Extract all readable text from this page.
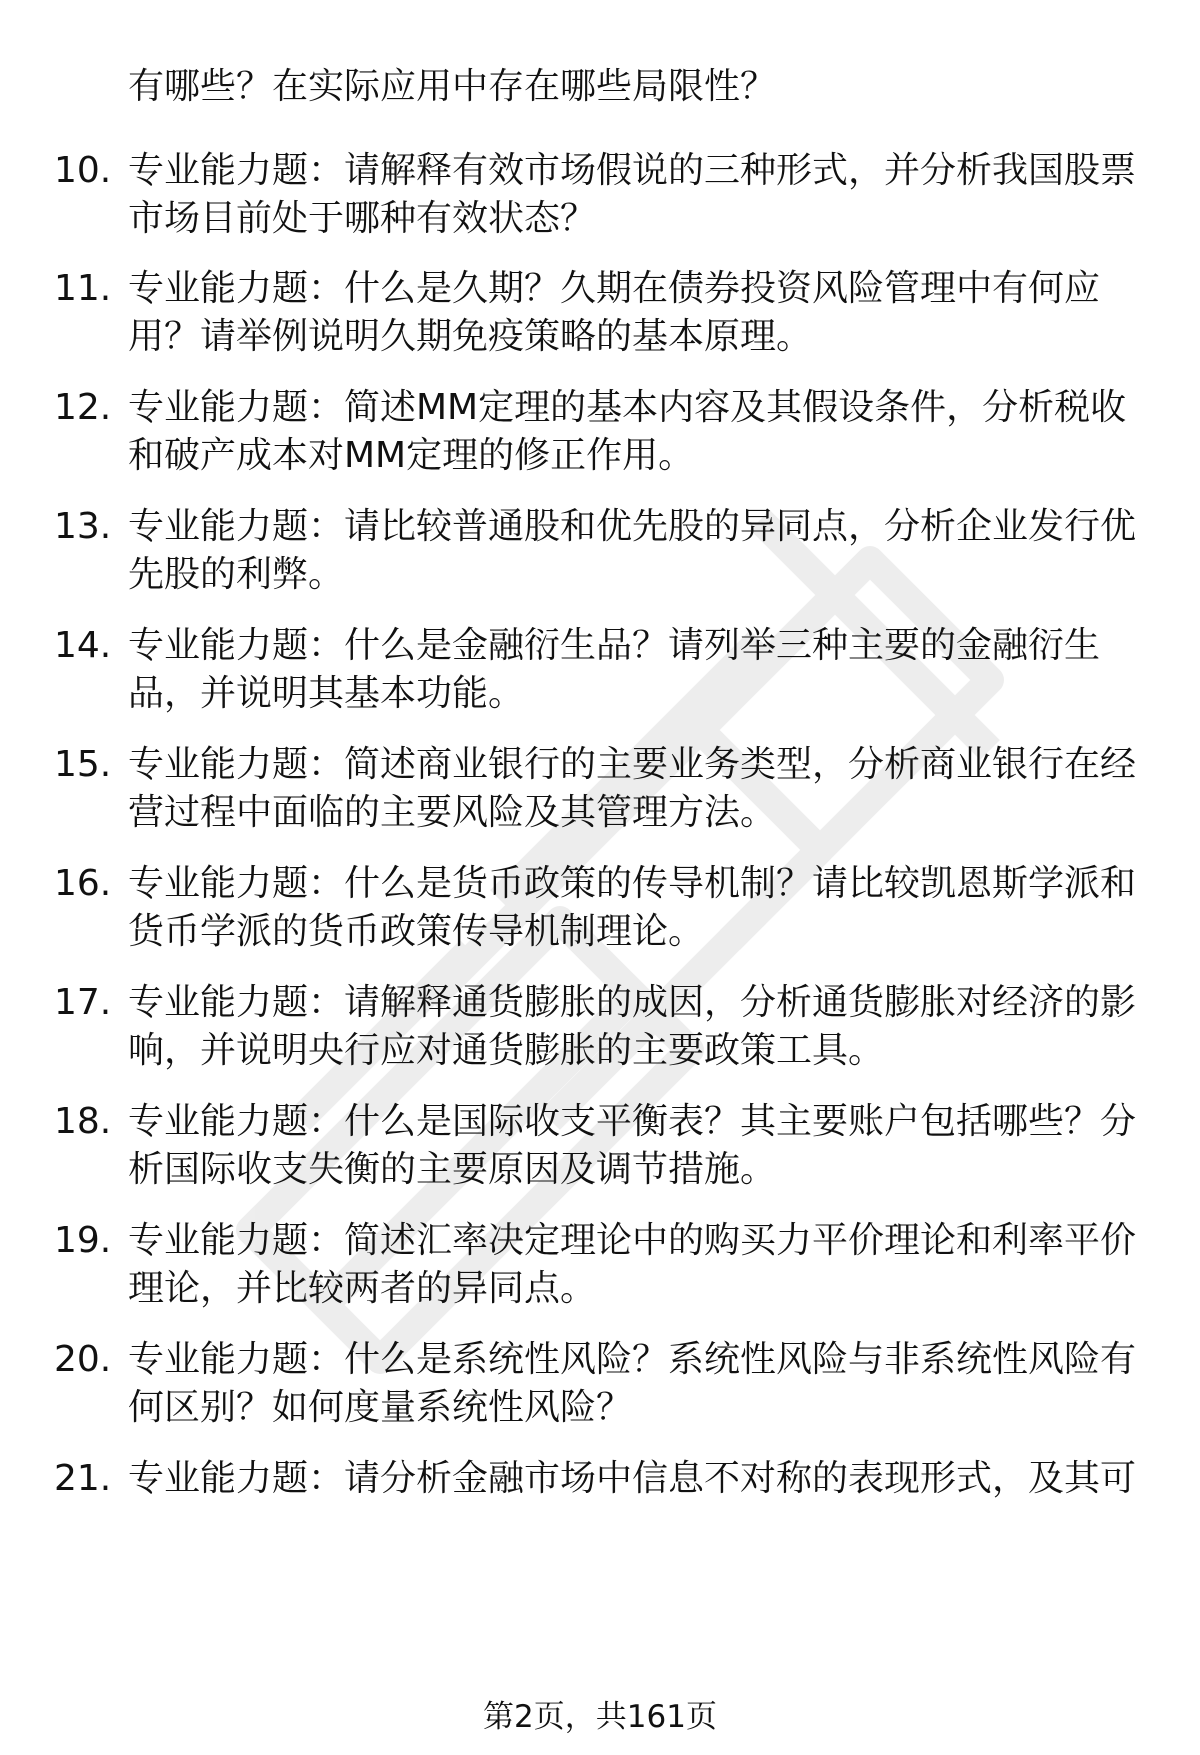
有哪些？在实际应用中存在哪些局限性？
10. 专业能力题：请解释有效市场假说的三种形式，并分析我国股票
市场目前处于哪种有效状态？
11. 专业能力题：什么是久期？久期在债券投资风险管理中有何应
用？请举例说明久期免疫策略的基本原理。
12. 专业能力题：简述MM定理的基本内容及其假设条件，分析税收
和破产成本对MM定理的修正作用。
13. 专业能力题：请比较普通股和优先股的异同点，分析企业发行优
先股的利弊。
14. 专业能力题：什么是金融衍生品？请列举三种主要的金融衍生
品，并说明其基本功能。
15. 专业能力题：简述商业银行的主要业务类型，分析商业银行在经
营过程中面临的主要风险及其管理方法。
16. 专业能力题：什么是货币政策的传导机制？请比较凯恩斯学派和
货币学派的货币政策传导机制理论。
17. 专业能力题：请解释通货膨胀的成因，分析通货膨胀对经济的影
响，并说明央行应对通货膨胀的主要政策工具。
18. 专业能力题：什么是国际收支平衡表？其主要账户包括哪些？分
析国际收支失衡的主要原因及调节措施。
19. 专业能力题：简述汇率决定理论中的购买力平价理论和利率平价
理论，并比较两者的异同点。
20. 专业能力题：什么是系统性风险？系统性风险与非系统性风险有
何区别？如何度量系统性风险？
21. 专业能力题：请分析金融市场中信息不对称的表现形式，及其可
第2页，共161页
